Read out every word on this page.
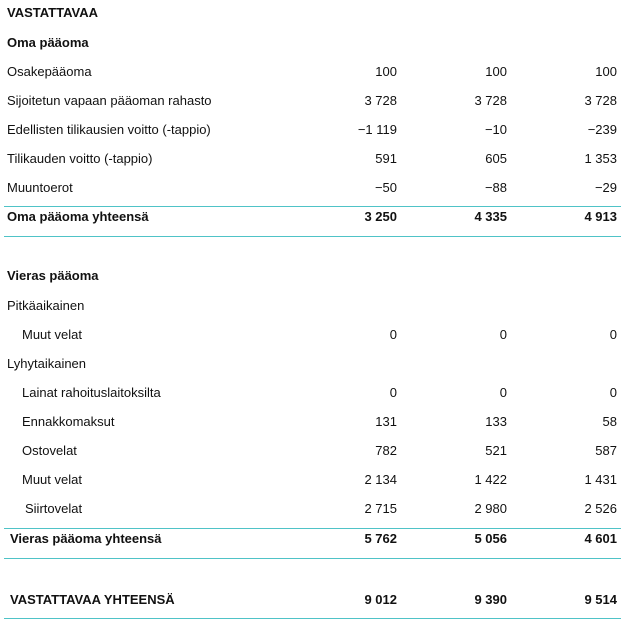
VASTATTAVAA
Oma pääoma
Osakepääoma	100	100	100
Sijoitetun vapaan pääoman rahasto	3 728	3 728	3 728
Edellisten tilikausien voitto (-tappio)	−1 119	−10	−239
Tilikauden voitto (-tappio)	591	605	1 353
Muuntoerot	−50	−88	−29
Oma pääoma yhteensä	3 250	4 335	4 913
Vieras pääoma
Pitkäaikainen
Muut velat	0	0	0
Lyhytaikainen
Lainat rahoituslaitoksilta	0	0	0
Ennakkomaksut	131	133	58
Ostovelat	782	521	587
Muut velat	2 134	1 422	1 431
Siirtovelat	2 715	2 980	2 526
Vieras pääoma yhteensä	5 762	5 056	4 601
VASTATTAVAA YHTEENSÄ	9 012	9 390	9 514
